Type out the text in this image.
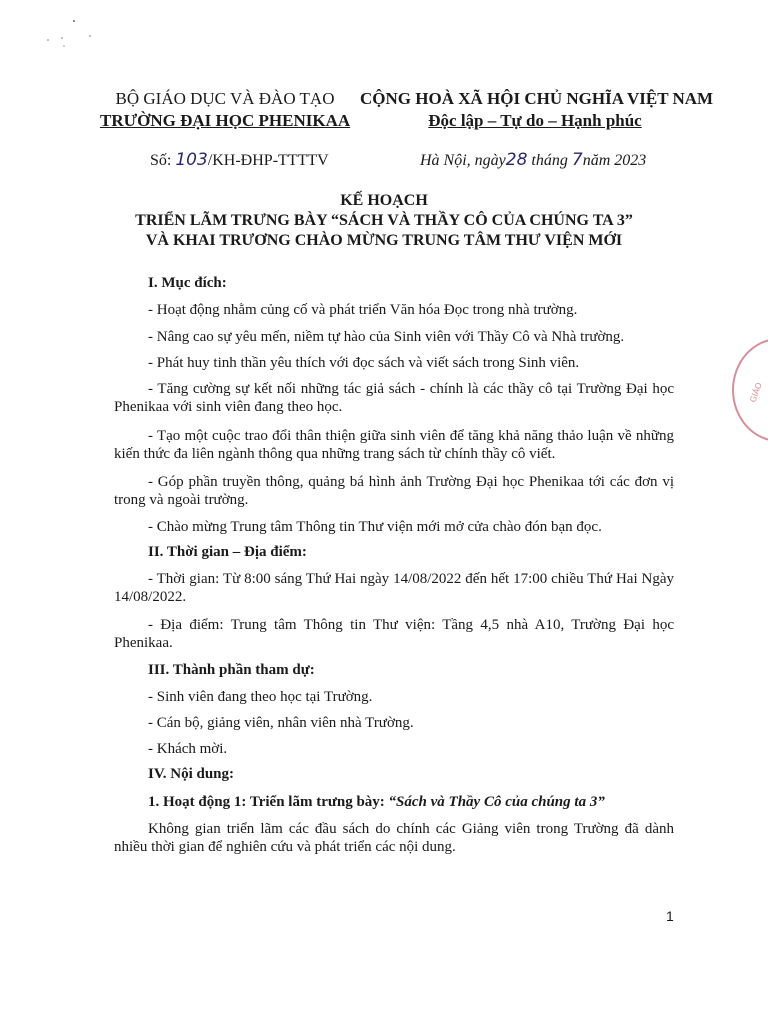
BỘ GIÁO DỤC VÀ ĐÀO TẠO
TRƯỜNG ĐẠI HỌC PHENIKAA
CỘNG HOÀ XÃ HỘI CHỦ NGHĨA VIỆT NAM
Độc lập – Tự do – Hạnh phúc
Số: 103/KH-ĐHP-TTTTV	Hà Nội, ngày28 tháng 7năm 2023
KẾ HOẠCH
TRIỂN LÃM TRƯNG BÀY “SÁCH VÀ THẦY CÔ CỦA CHÚNG TA 3”
VÀ KHAI TRƯƠNG CHÀO MỪNG TRUNG TÂM THƯ VIỆN MỚI
I. Mục đích:
- Hoạt động nhằm củng cố và phát triển Văn hóa Đọc trong nhà trường.
- Nâng cao sự yêu mến, niềm tự hào của Sinh viên với Thầy Cô và Nhà trường.
- Phát huy tinh thần yêu thích với đọc sách và viết sách trong Sinh viên.
- Tăng cường sự kết nối những tác giả sách - chính là các thầy cô tại Trường Đại học Phenikaa với sinh viên đang theo học.
- Tạo một cuộc trao đổi thân thiện giữa sinh viên để tăng khả năng thảo luận về những kiến thức đa liên ngành thông qua những trang sách từ chính thầy cô viết.
- Góp phần truyền thông, quảng bá hình ảnh Trường Đại học Phenikaa tới các đơn vị trong và ngoài trường.
- Chào mừng Trung tâm Thông tin Thư viện mới mở cửa chào đón bạn đọc.
II. Thời gian – Địa điểm:
- Thời gian: Từ 8:00 sáng Thứ Hai ngày 14/08/2022 đến hết 17:00 chiều Thứ Hai Ngày 14/08/2022.
- Địa điểm: Trung tâm Thông tin Thư viện: Tầng 4,5 nhà A10, Trường Đại học Phenikaa.
III. Thành phần tham dự:
- Sinh viên đang theo học tại Trường.
- Cán bộ, giảng viên, nhân viên nhà Trường.
- Khách mời.
IV. Nội dung:
1. Hoạt động 1: Triển lãm trưng bày: “Sách và Thầy Cô của chúng ta 3”
Không gian triển lãm các đầu sách do chính các Giảng viên trong Trường đã dành nhiều thời gian để nghiên cứu và phát triển các nội dung.
GIÁO
1
